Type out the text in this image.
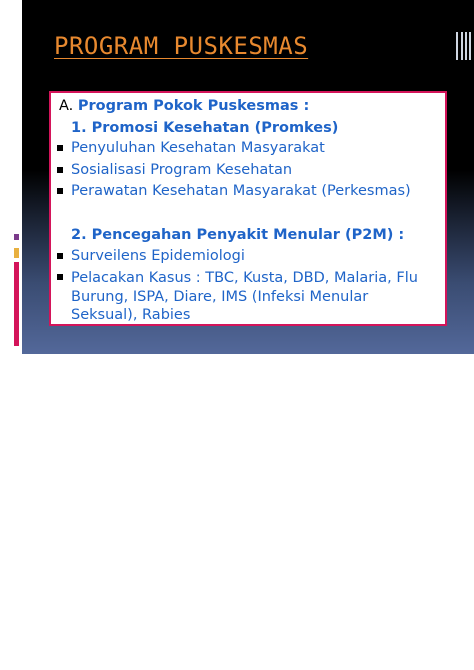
PROGRAM PUSKESMAS
A. Program Pokok Puskesmas :
1. Promosi Kesehatan (Promkes)
Penyuluhan Kesehatan Masyarakat
Sosialisasi Program Kesehatan
Perawatan Kesehatan Masyarakat (Perkesmas)
2. Pencegahan Penyakit Menular (P2M) :
Surveilens Epidemiologi
Pelacakan Kasus : TBC, Kusta, DBD, Malaria, Flu
Burung, ISPA, Diare, IMS (Infeksi Menular
Seksual), Rabies
